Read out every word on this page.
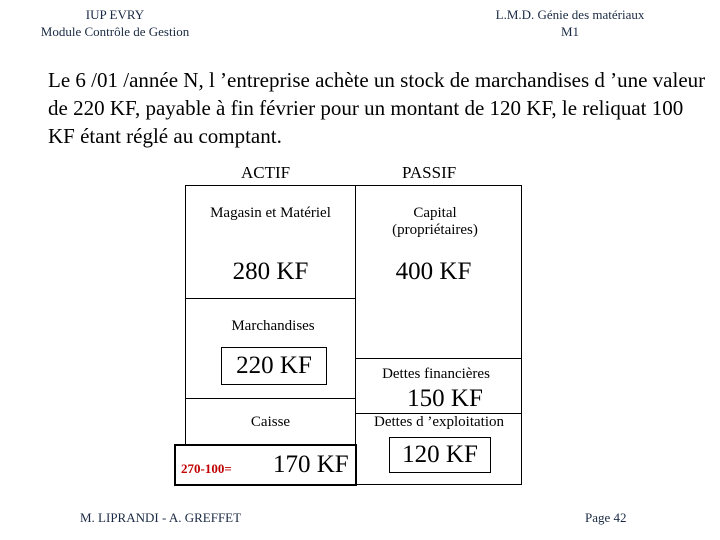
IUP EVRY
Module Contrôle de Gestion
L.M.D. Génie des matériaux
M1
Le 6 /01 /année N, l ’entreprise achète un stock de marchandises d ’une valeur de 220 KF, payable à fin février pour un montant de 120 KF, le reliquat 100 KF étant réglé au comptant.
ACTIF	PASSIF
Magasin et Matériel
280 KF
Marchandises
220 KF
Caisse
270-100= 170 KF
Capital (propriétaires)
400 KF
Dettes financières
150 KF
Dettes d ’exploitation
120 KF
M. LIPRANDI - A. GREFFET	Page 42
